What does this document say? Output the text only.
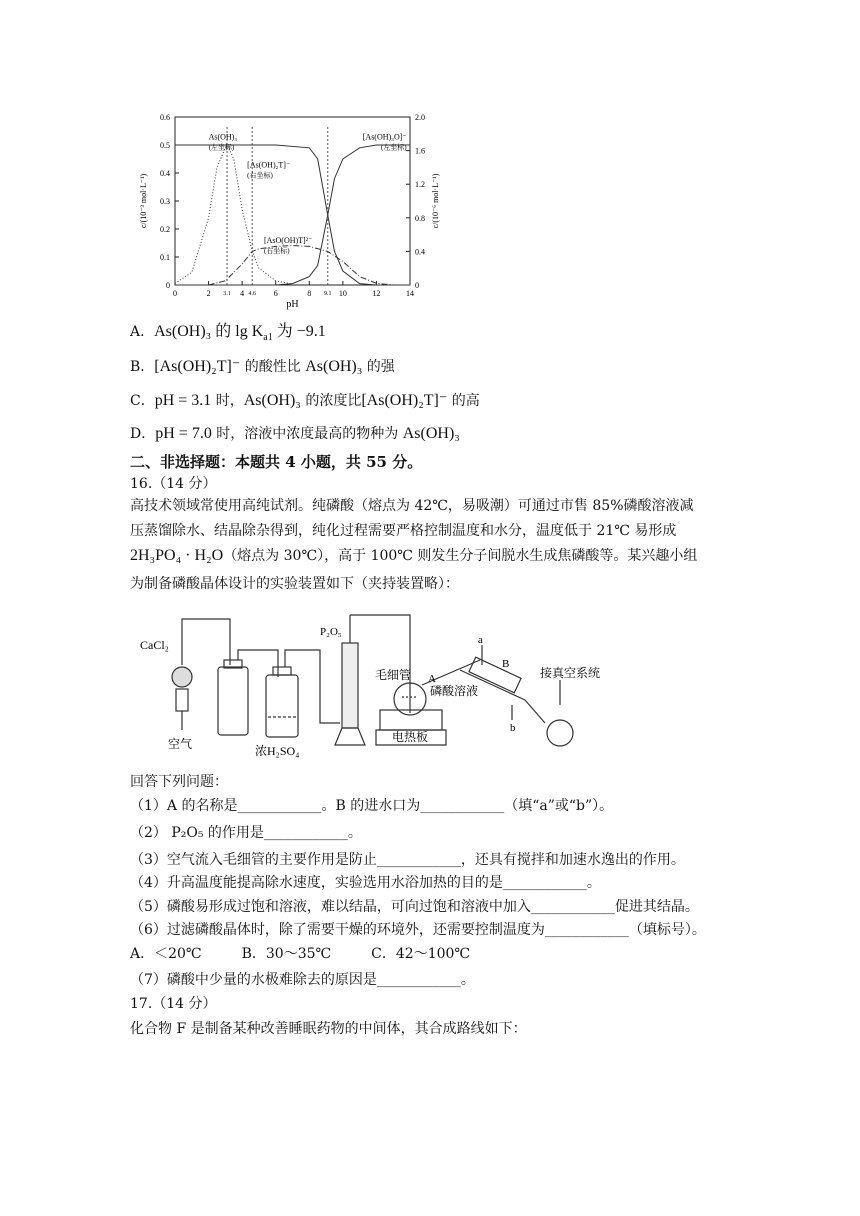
0
0.1
0.2
0.3
0.4
0.5
0.6
0
0.4
0.8
1.2
1.6
2.0
0	2	4	6	8	10	12	14
3.1	4.6	9.1
pH
c/(10⁻³ mol·L⁻¹)	c/(10⁻⁶ mol·L⁻¹)
As(OH)₃
(左坐标)
[As(OH)₃O]⁻
(左坐标)
[As(OH)₂T]⁻
(右坐标)
[AsO(OH)T]²⁻
(右坐标)
A．As(OH)₃ 的 $\lg K_{a1}$ 为 −9.1
B．[As(OH)₂T]⁻ 的酸性比 As(OH)₃ 的强
C．pH = 3.1 时，As(OH)₃ 的浓度比[As(OH)₂T]⁻ 的高
D．pH = 7.0 时，溶液中浓度最高的物种为 As(OH)₃
二、非选择题：本题共 4 小题，共 55 分。
16.（14 分）
高技术领域常使用高纯试剂。纯磷酸（熔点为 42℃，易吸潮）可通过市售 85%磷酸溶液减
压蒸馏除水、结晶除杂得到，纯化过程需要严格控制温度和水分，温度低于 21℃ 易形成
2H₃PO₄ · H₂O（熔点为 30℃），高于 100℃ 则发生分子间脱水生成焦磷酸等。某兴趣小组
为制备磷酸晶体设计的实验装置如下（夹持装置略）：
CaCl₂
空气	浓H₂SO₄
P₂O₅
毛细管
磷酸溶液
电热板
接真空系统
A
B
a
b
回答下列问题：
（1）A 的名称是____________。B 的进水口为____________（填“a”或“b”）。
（2） P₂O₅ 的作用是____________。
（3）空气流入毛细管的主要作用是防止____________，还具有搅拌和加速水逸出的作用。
（4）升高温度能提高除水速度，实验选用水浴加热的目的是____________。
（5）磷酸易形成过饱和溶液，难以结晶，可向过饱和溶液中加入____________促进其结晶。
（6）过滤磷酸晶体时，除了需要干燥的环境外，还需要控制温度为____________（填标号）。
A．＜20℃	B．30～35℃	C．42～100℃
（7）磷酸中少量的水极难除去的原因是____________。
17.（14 分）
化合物 F 是制备某种改善睡眠药物的中间体，其合成路线如下：
